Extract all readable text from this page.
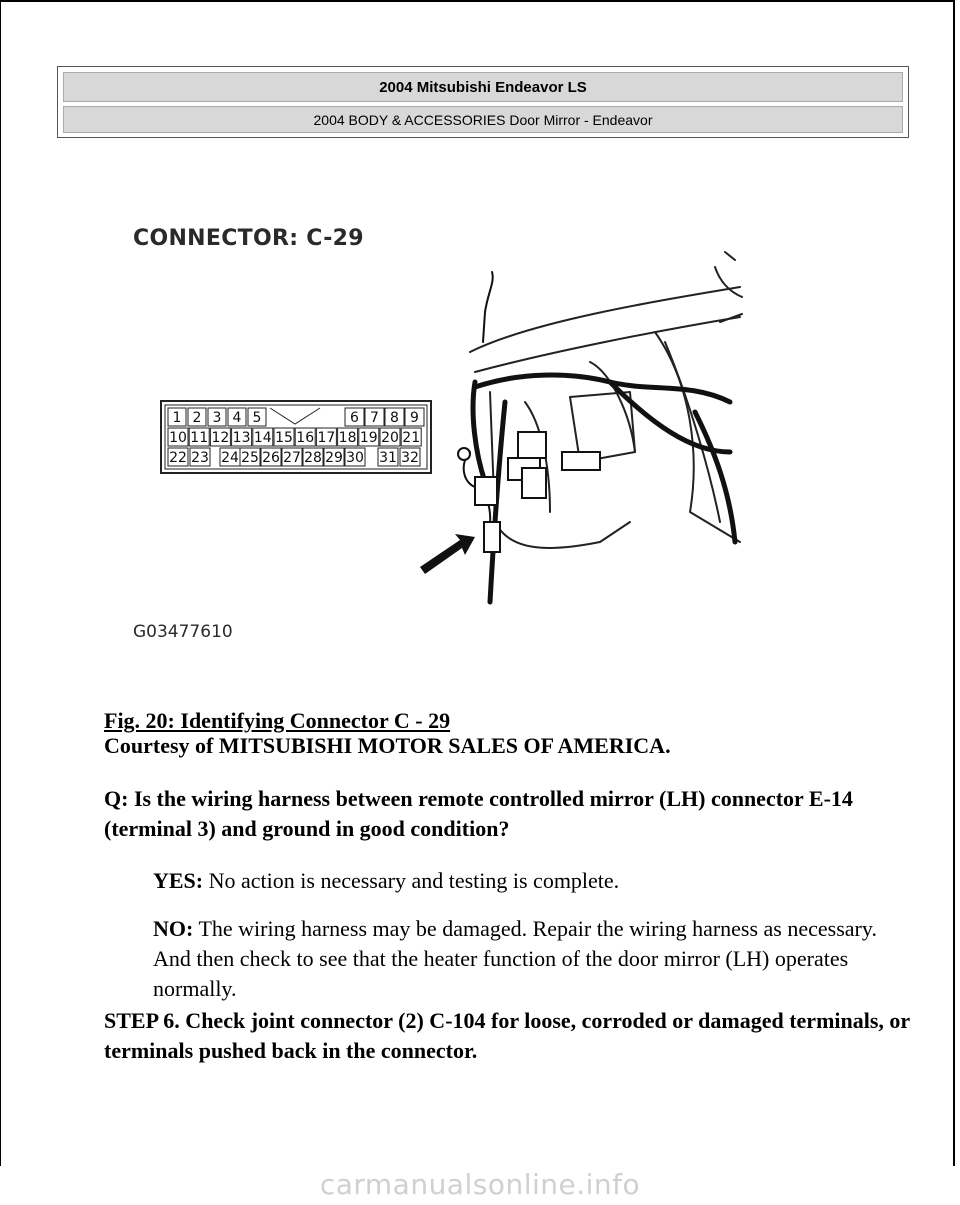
2004 Mitsubishi Endeavor LS
2004 BODY & ACCESSORIES Door Mirror - Endeavor
CONNECTOR: C-29
1 2 3 4 5	6 7 8 9
10 11 12 13 14 15 16 17 18 19 20 21
22 23 24 25 26 27 28 29 30 31 32
G03477610
Fig. 20: Identifying Connector C - 29
Courtesy of MITSUBISHI MOTOR SALES OF AMERICA.
Q: Is the wiring harness between remote controlled mirror (LH) connector E-14 (terminal 3) and ground in good condition?
YES: No action is necessary and testing is complete.
NO: The wiring harness may be damaged. Repair the wiring harness as necessary. And then check to see that the heater function of the door mirror (LH) operates normally.
STEP 6. Check joint connector (2) C-104 for loose, corroded or damaged terminals, or terminals pushed back in the connector.
carmanualsonline.info
